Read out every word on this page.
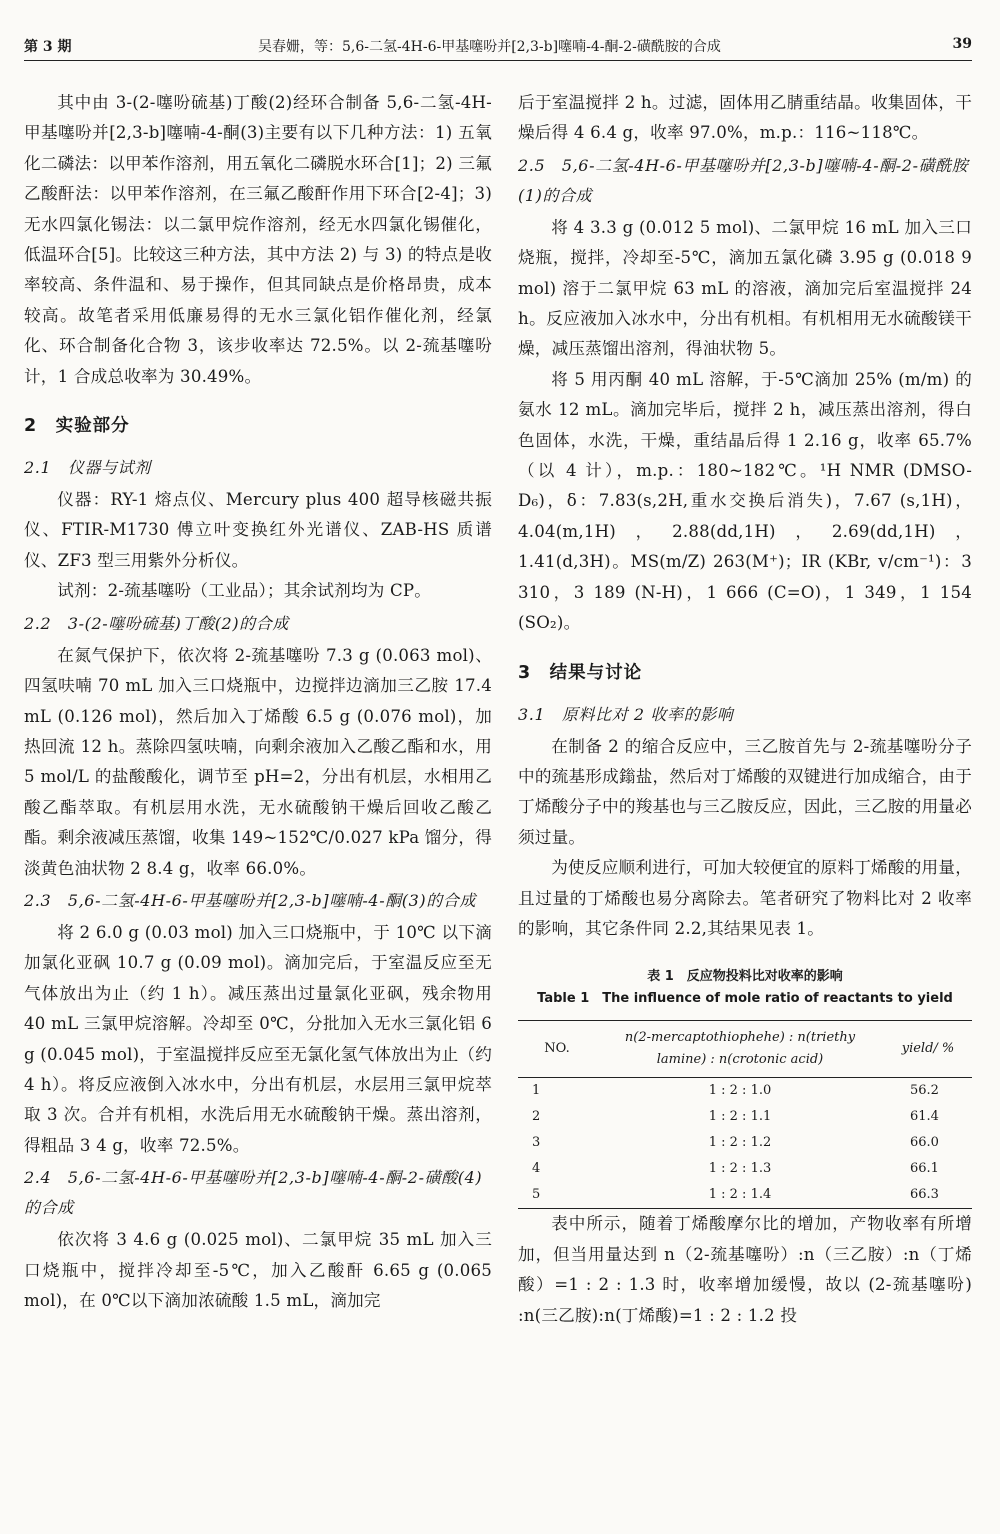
第 3 期	吴春姗，等：5,6-二氢-4H-6-甲基噻吩并[2,3-b]噻喃-4-酮-2-磺酰胺的合成	39

其中由 3-(2-噻吩硫基)丁酸(2)经环合制备 5,6-二氢-4H-甲基噻吩并[2,3-b]噻喃-4-酮(3)主要有以下几种方法：1) 五氧化二磷法：以甲苯作溶剂，用五氧化二磷脱水环合[1]；2) 三氟乙酸酐法：以甲苯作溶剂，在三氟乙酸酐作用下环合[2-4]；3) 无水四氯化锡法：以二氯甲烷作溶剂，经无水四氯化锡催化，低温环合[5]。比较这三种方法，其中方法 2) 与 3) 的特点是收率较高、条件温和、易于操作，但其同缺点是价格昂贵，成本较高。故笔者采用低廉易得的无水三氯化铝作催化剂，经氯化、环合制备化合物 3，该步收率达 72.5%。以 2-巯基噻吩计，1 合成总收率为 30.49%。

2　实验部分
2.1　仪器与试剂

仪器：RY-1 熔点仪、Mercury plus 400 超导核磁共振仪、FTIR-M1730 傅立叶变换红外光谱仪、ZAB-HS 质谱仪、ZF3 型三用紫外分析仪。

试剂：2-巯基噻吩（工业品）；其余试剂均为 CP。

2.2　3-(2-噻吩硫基)丁酸(2)的合成

在氮气保护下，依次将 2-巯基噻吩 7.3 g (0.063 mol)、四氢呋喃 70 mL 加入三口烧瓶中，边搅拌边滴加三乙胺 17.4 mL (0.126 mol)，然后加入丁烯酸 6.5 g (0.076 mol)，加热回流 12 h。蒸除四氢呋喃，向剩余液加入乙酸乙酯和水，用 5 mol/L 的盐酸酸化，调节至 pH=2，分出有机层，水相用乙酸乙酯萃取。有机层用水洗，无水硫酸钠干燥后回收乙酸乙酯。剩余液减压蒸馏，收集 149~152℃/0.027 kPa 馏分，得淡黄色油状物 2 8.4 g，收率 66.0%。

2.3　5,6-二氢-4H-6-甲基噻吩并[2,3-b]噻喃-4-酮(3)的合成

将 2 6.0 g (0.03 mol) 加入三口烧瓶中，于 10℃ 以下滴加氯化亚砜 10.7 g (0.09 mol)。滴加完后，于室温反应至无气体放出为止（约 1 h）。减压蒸出过量氯化亚砜，残余物用 40 mL 三氯甲烷溶解。冷却至 0℃，分批加入无水三氯化铝 6 g (0.045 mol)，于室温搅拌反应至无氯化氢气体放出为止（约 4 h）。将反应液倒入冰水中，分出有机层，水层用三氯甲烷萃取 3 次。合并有机相，水洗后用无水硫酸钠干燥。蒸出溶剂，得粗品 3 4 g，收率 72.5%。

2.4　5,6-二氢-4H-6-甲基噻吩并[2,3-b]噻喃-4-酮-2-磺酸(4)的合成

依次将 3 4.6 g (0.025 mol)、二氯甲烷 35 mL 加入三口烧瓶中，搅拌冷却至-5℃，加入乙酸酐 6.65 g (0.065 mol)，在 0℃以下滴加浓硫酸 1.5 mL，滴加完

后于室温搅拌 2 h。过滤，固体用乙腈重结晶。收集固体，干燥后得 4 6.4 g，收率 97.0%，m.p.：116~118℃。

2.5　5,6-二氢-4H-6-甲基噻吩并[2,3-b]噻喃-4-酮-2-磺酰胺(1)的合成

将 4 3.3 g (0.012 5 mol)、二氯甲烷 16 mL 加入三口烧瓶，搅拌，冷却至-5℃，滴加五氯化磷 3.95 g (0.018 9 mol) 溶于二氯甲烷 63 mL 的溶液，滴加完后室温搅拌 24 h。反应液加入冰水中，分出有机相。有机相用无水硫酸镁干燥，减压蒸馏出溶剂，得油状物 5。

将 5 用丙酮 40 mL 溶解，于-5℃滴加 25% (m/m) 的氨水 12 mL。滴加完毕后，搅拌 2 h，减压蒸出溶剂，得白色固体，水洗，干燥，重结晶后得 1 2.16 g，收率 65.7%（以 4 计），m.p.：180~182℃。¹H NMR (DMSO-D₆)，δ：7.83(s,2H,重水交换后消失)，7.67 (s,1H)，4.04(m,1H)，2.88(dd,1H)，2.69(dd,1H)，1.41(d,3H)。MS(m/Z) 263(M⁺)；IR (KBr, v/cm⁻¹)：3 310，3 189 (N-H)，1 666 (C=O)，1 349，1 154 (SO₂)。

3　结果与讨论
3.1　原料比对 2 收率的影响

在制备 2 的缩合反应中，三乙胺首先与 2-巯基噻吩分子中的巯基形成鎓盐，然后对丁烯酸的双键进行加成缩合，由于丁烯酸分子中的羧基也与三乙胺反应，因此，三乙胺的用量必须过量。

为使反应顺利进行，可加大较便宜的原料丁烯酸的用量，且过量的丁烯酸也易分离除去。笔者研究了物料比对 2 收率的影响，其它条件同 2.2,其结果见表 1。

表 1　反应物投料比对收率的影响
Table 1　The influence of mole ratio of reactants to yield
NO.	n(2-mercaptothiophehe) : n(triethy lamine) : n(crotonic acid)	yield/ %
1	1 : 2 : 1.0	56.2
2	1 : 2 : 1.1	61.4
3	1 : 2 : 1.2	66.0
4	1 : 2 : 1.3	66.1
5	1 : 2 : 1.4	66.3

表中所示，随着丁烯酸摩尔比的增加，产物收率有所增加，但当用量达到 n（2-巯基噻吩）:n（三乙胺）:n（丁烯酸）=1 : 2 : 1.3 时，收率增加缓慢，故以 (2-巯基噻吩) :n(三乙胺):n(丁烯酸)=1 : 2 : 1.2 投
